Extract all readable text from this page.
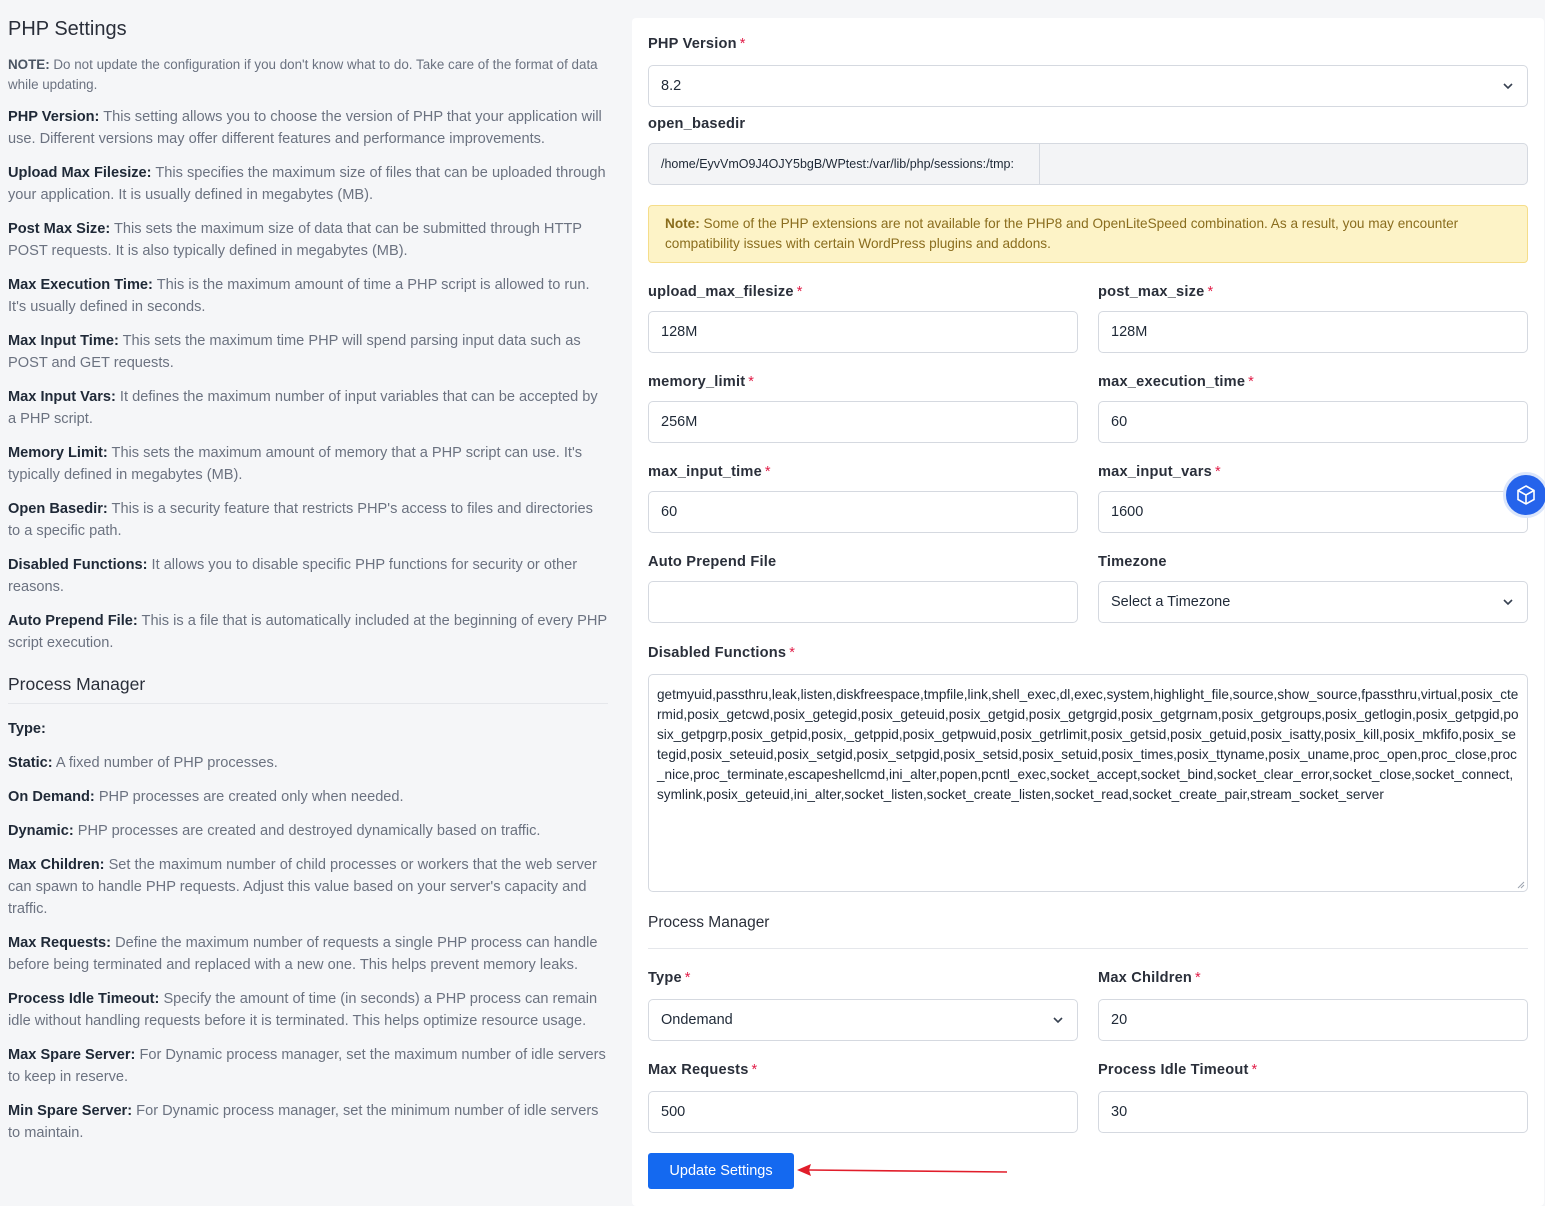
PHP Settings
NOTE: Do not update the configuration if you don't know what to do. Take care of the format of data while updating.
PHP Version: This setting allows you to choose the version of PHP that your application will use. Different versions may offer different features and performance improvements.
Upload Max Filesize: This specifies the maximum size of files that can be uploaded through your application. It is usually defined in megabytes (MB).
Post Max Size: This sets the maximum size of data that can be submitted through HTTP POST requests. It is also typically defined in megabytes (MB).
Max Execution Time: This is the maximum amount of time a PHP script is allowed to run. It's usually defined in seconds.
Max Input Time: This sets the maximum time PHP will spend parsing input data such as POST and GET requests.
Max Input Vars: It defines the maximum number of input variables that can be accepted by a PHP script.
Memory Limit: This sets the maximum amount of memory that a PHP script can use. It's typically defined in megabytes (MB).
Open Basedir: This is a security feature that restricts PHP's access to files and directories to a specific path.
Disabled Functions: It allows you to disable specific PHP functions for security or other reasons.
Auto Prepend File: This is a file that is automatically included at the beginning of every PHP script execution.
Process Manager
Type:
Static: A fixed number of PHP processes.
On Demand: PHP processes are created only when needed.
Dynamic: PHP processes are created and destroyed dynamically based on traffic.
Max Children: Set the maximum number of child processes or workers that the web server can spawn to handle PHP requests. Adjust this value based on your server's capacity and traffic.
Max Requests: Define the maximum number of requests a single PHP process can handle before being terminated and replaced with a new one. This helps prevent memory leaks.
Process Idle Timeout: Specify the amount of time (in seconds) a PHP process can remain idle without handling requests before it is terminated. This helps optimize resource usage.
Max Spare Server: For Dynamic process manager, set the maximum number of idle servers to keep in reserve.
Min Spare Server: For Dynamic process manager, set the minimum number of idle servers to maintain.
PHP Version *
8.2
open_basedir
/home/EyvVmO9J4OJY5bgB/WPtest:/var/lib/php/sessions:/tmp:
Note: Some of the PHP extensions are not available for the PHP8 and OpenLiteSpeed combination. As a result, you may encounter compatibility issues with certain WordPress plugins and addons.
upload_max_filesize *
128M
post_max_size *
128M
memory_limit *
256M
max_execution_time *
60
max_input_time *
60
max_input_vars *
1600
Auto Prepend File	Timezone
Select a Timezone
Disabled Functions *
getmyuid,passthru,leak,listen,diskfreespace,tmpfile,link,shell_exec,dl,exec,system,highlight_file,source,show_source,fpassthru,virtual,posix_ctermid,posix_getcwd,posix_getegid,posix_geteuid,posix_getgid,posix_getgrgid,posix_getgrnam,posix_getgroups,posix_getlogin,posix_getpgid,posix_getpgrp,posix_getpid,posix,_getppid,posix_getpwuid,posix_getrlimit,posix_getsid,posix_getuid,posix_isatty,posix_kill,posix_mkfifo,posix_setegid,posix_seteuid,posix_setgid,posix_setpgid,posix_setsid,posix_setuid,posix_times,posix_ttyname,posix_uname,proc_open,proc_close,proc_nice,proc_terminate,escapeshellcmd,ini_alter,popen,pcntl_exec,socket_accept,socket_bind,socket_clear_error,socket_close,socket_connect,symlink,posix_geteuid,ini_alter,socket_listen,socket_create_listen,socket_read,socket_create_pair,stream_socket_server
Process Manager
Type *
Ondemand
Max Children *
20
Max Requests *
500
Process Idle Timeout *
30
Update Settings
